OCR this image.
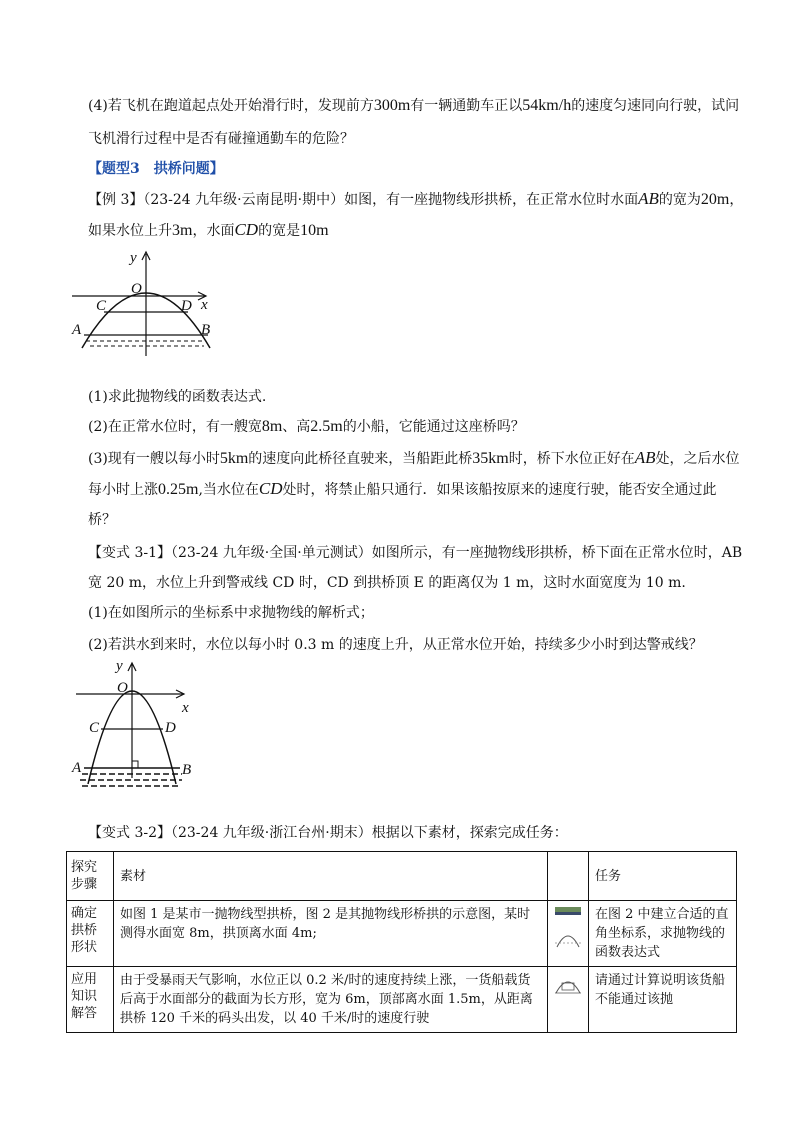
(4)若飞机在跑道起点处开始滑行时，发现前方300m有一辆通勤车正以54km/h的速度匀速同向行驶，试问
飞机滑行过程中是否有碰撞通勤车的危险？
【题型3　拱桥问题】
【例 3】（23-24 九年级·云南昆明·期中）如图，有一座抛物线形拱桥，在正常水位时水面AB的宽为20m，
如果水位上升3m，水面CD的宽是10m
y
O
x
C	D
A	B
(1)求此抛物线的函数表达式.
(2)在正常水位时，有一艘宽8m、高2.5m的小船，它能通过这座桥吗？
(3)现有一艘以每小时5km的速度向此桥径直驶来，当船距此桥35km时，桥下水位正好在AB处，之后水位
每小时上涨0.25m,当水位在CD处时，将禁止船只通行．如果该船按原来的速度行驶，能否安全通过此
桥？
【变式 3-1】（23-24 九年级·全国·单元测试）如图所示，有一座抛物线形拱桥，桥下面在正常水位时，AB
宽 20 m，水位上升到警戒线 CD 时，CD 到拱桥顶 E 的距离仅为 1 m，这时水面宽度为 10 m.
(1)在如图所示的坐标系中求抛物线的解析式；
(2)若洪水到来时，水位以每小时 0.3 m 的速度上升，从正常水位开始，持续多少小时到达警戒线？
y
O
x
C	D
A	B
【变式 3-2】（23-24 九年级·浙江台州·期末）根据以下素材，探索完成任务：
探究步骤	素材		任务
确定拱桥形状	如图 1 是某市一抛物线型拱桥，图 2 是其抛物线形桥拱的示意图，某时测得水面宽 8m，拱顶离水面 4m;		在图 2 中建立合适的直角坐标系，求抛物线的函数表达式
应用知识解答	由于受暴雨天气影响，水位正以 0.2 米/时的速度持续上涨，一货船载货后高于水面部分的截面为长方形，宽为 6m，顶部离水面 1.5m，从距离拱桥 120 千米的码头出发，以 40 千米/时的速度行驶		请通过计算说明该货船不能通过该抛
